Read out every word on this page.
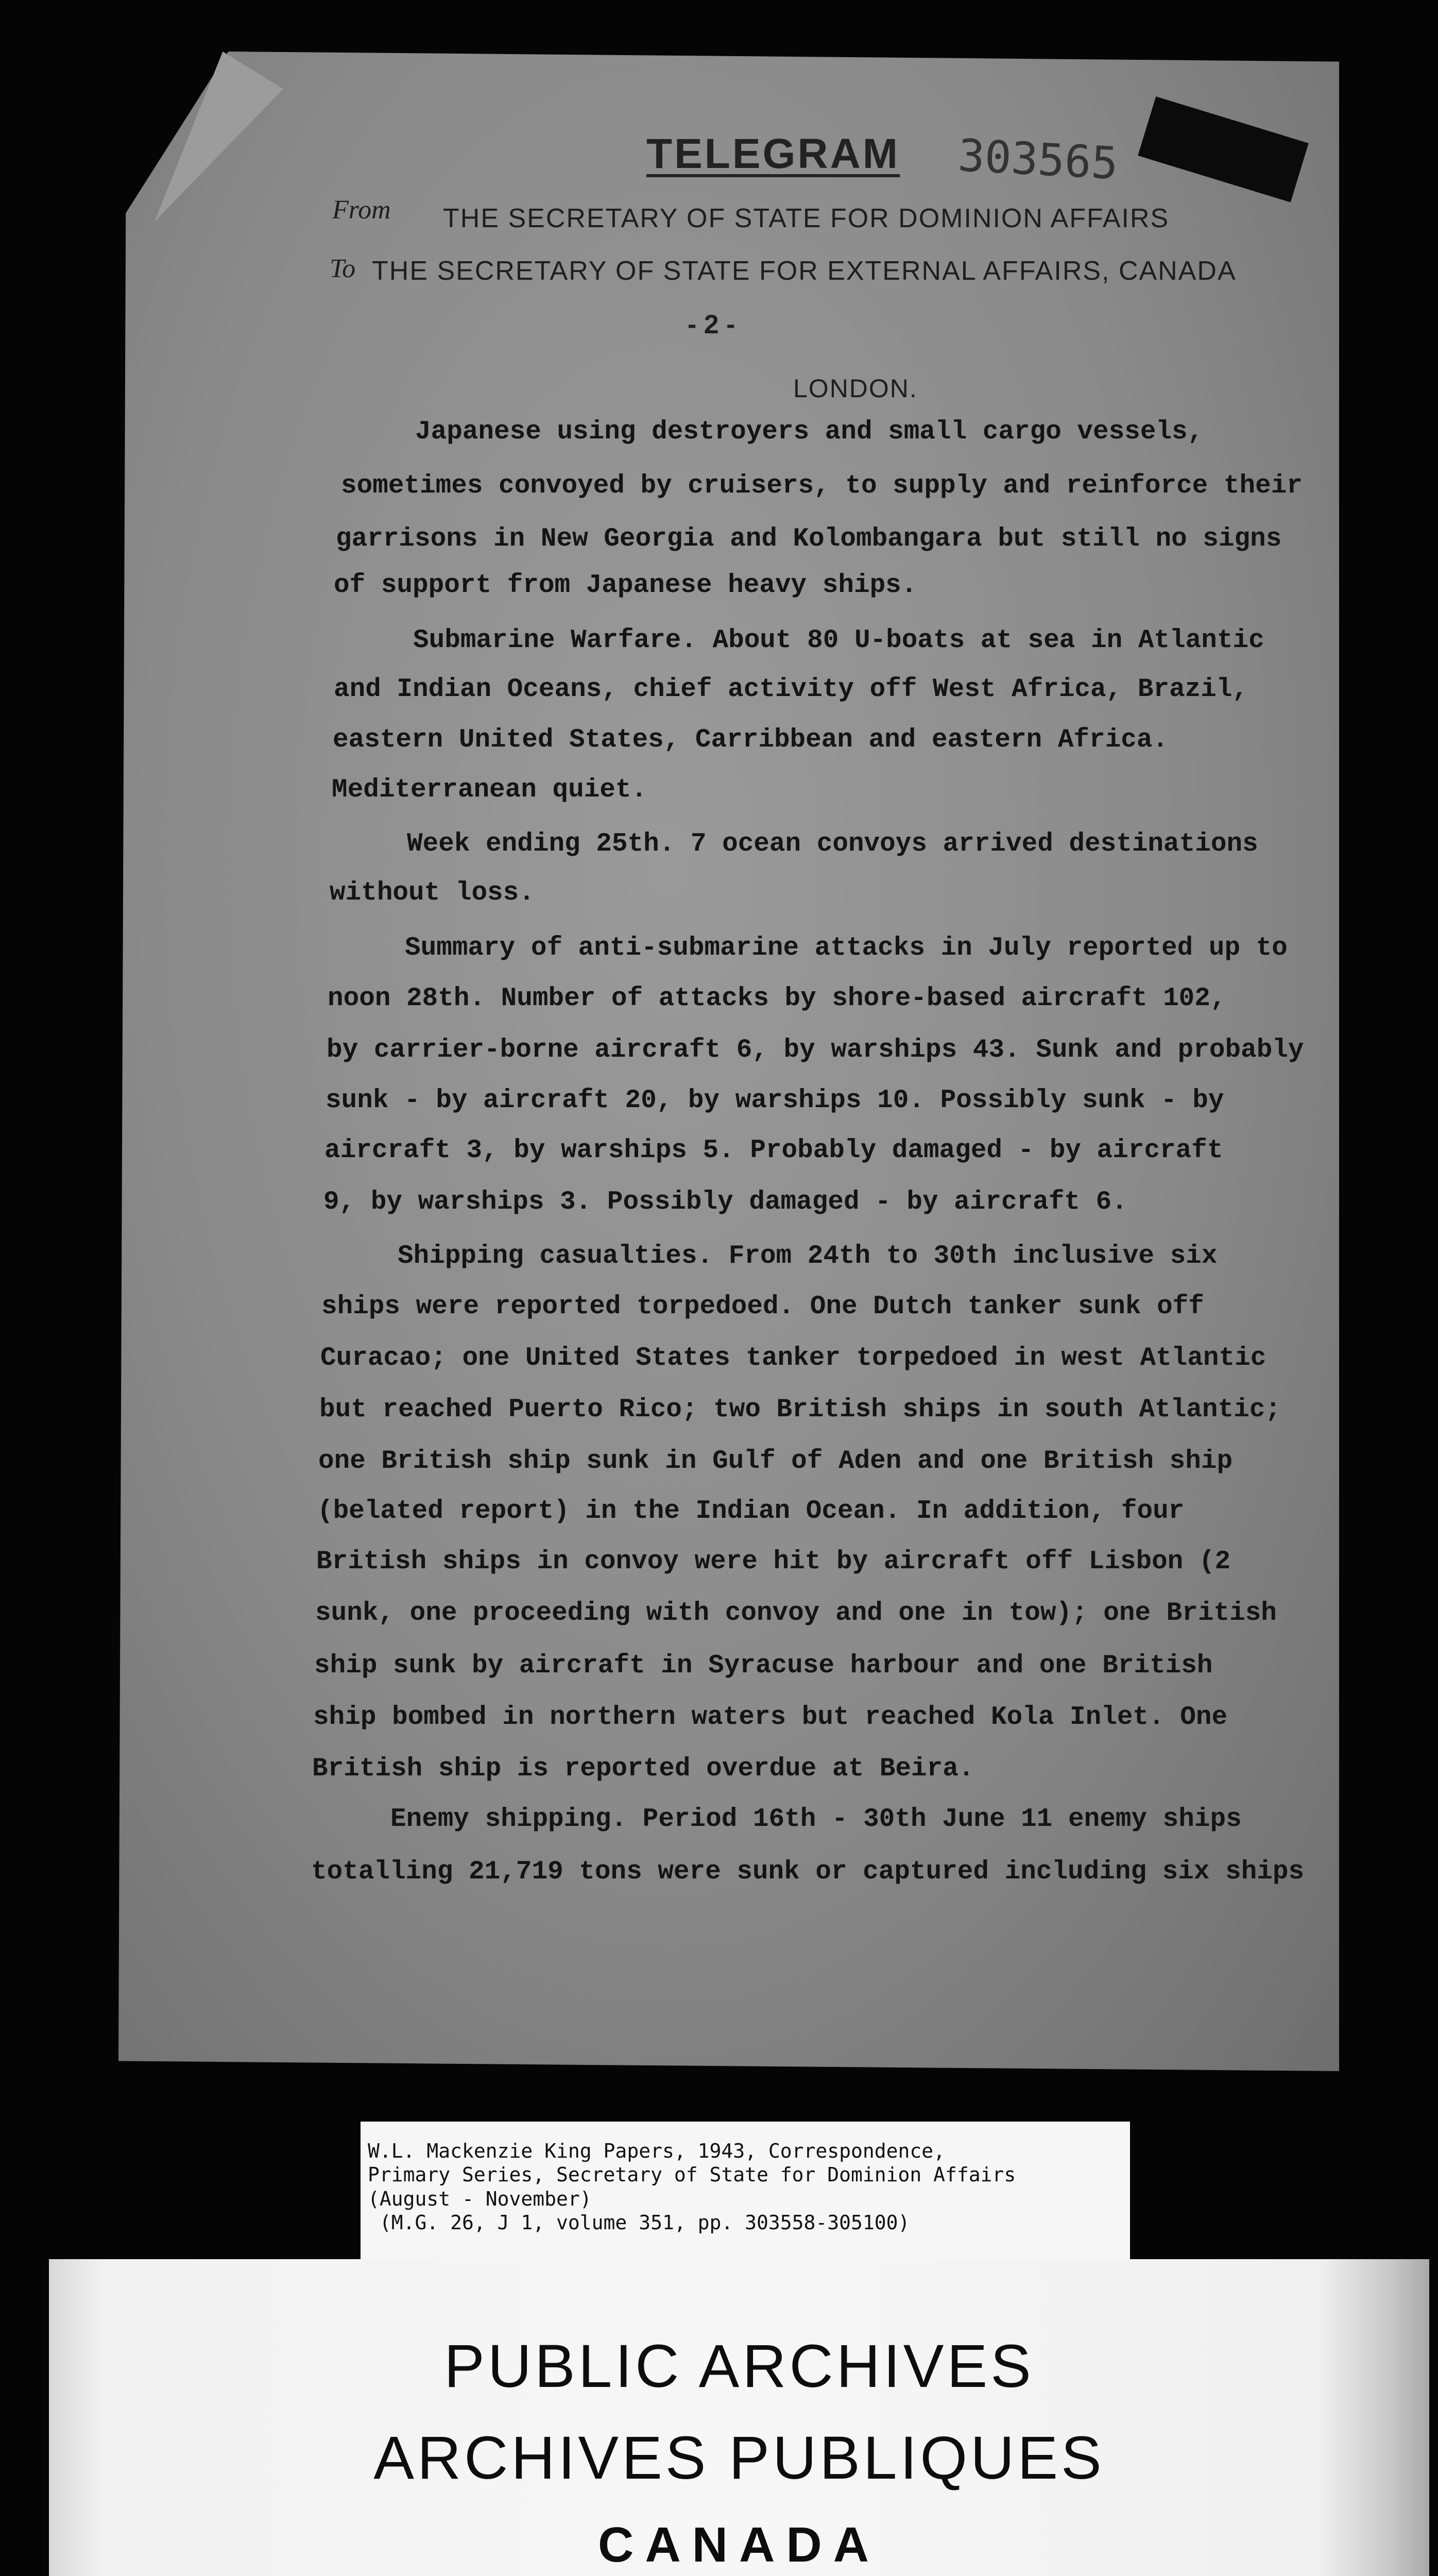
TELEGRAM 303565
From THE SECRETARY OF STATE FOR DOMINION AFFAIRS
To THE SECRETARY OF STATE FOR EXTERNAL AFFAIRS, CANADA
- 2 -
LONDON.
Japanese using destroyers and small cargo vessels,
sometimes convoyed by cruisers, to supply and reinforce their
garrisons in New Georgia and Kolombangara but still no signs
of support from Japanese heavy ships.
Submarine Warfare. About 80 U-boats at sea in Atlantic
and Indian Oceans, chief activity off West Africa, Brazil,
eastern United States, Carribbean and eastern Africa.
Mediterranean quiet.
Week ending 25th. 7 ocean convoys arrived destinations
without loss.
Summary of anti-submarine attacks in July reported up to
noon 28th. Number of attacks by shore-based aircraft 102,
by carrier-borne aircraft 6, by warships 43. Sunk and probably
sunk - by aircraft 20, by warships 10. Possibly sunk - by
aircraft 3, by warships 5. Probably damaged - by aircraft
9, by warships 3. Possibly damaged - by aircraft 6.
Shipping casualties. From 24th to 30th inclusive six
ships were reported torpedoed. One Dutch tanker sunk off
Curacao; one United States tanker torpedoed in west Atlantic
but reached Puerto Rico; two British ships in south Atlantic;
one British ship sunk in Gulf of Aden and one British ship
(belated report) in the Indian Ocean. In addition, four
British ships in convoy were hit by aircraft off Lisbon (2
sunk, one proceeding with convoy and one in tow); one British
ship sunk by aircraft in Syracuse harbour and one British
ship bombed in northern waters but reached Kola Inlet. One
British ship is reported overdue at Beira.
Enemy shipping. Period 16th - 30th June 11 enemy ships
totalling 21,719 tons were sunk or captured including six ships
W.L. Mackenzie King Papers, 1943, Correspondence,
Primary Series, Secretary of State for Dominion Affairs
(August - November)
(M.G. 26, J 1, volume 351, pp. 303558-305100)
PUBLIC ARCHIVES
ARCHIVES PUBLIQUES
CANADA
